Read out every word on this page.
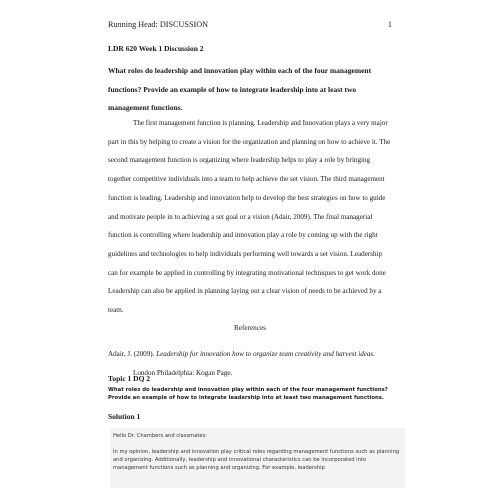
Running Head: DISCUSSION	1
LDR 620 Week 1 Discussion 2
What roles do leadership and innovation play within each of the four management functions? Provide an example of how to integrate leadership into at least two management functions.
The first management function is planning. Leadership and Innovation plays a very major part in this by helping to create a vision for the organization and planning on how to achieve it. The second management function is organizing where leadership helps to play a role by bringing together competitive individuals into a team to help achieve the set vision. The third management function is leading. Leadership and innovation help to develop the best strategies on how to guide and motivate people in to achieving a set goal or a vision (Adair, 2009). The final managerial function is controlling where leadership and innovation play a role by coming up with the right guidelines and technologies to help individuals performing well towards a set vision. Leadership can for example be applied in controlling by integrating motivational techniques to get work done Leadership can also be applied in planning laying out a clear vision of needs to be achieved by a team.
References
Adair, J. (2009). Leadership for innovation how to organize team creativity and harvest ideas.
London Philadelphia: Kogan Page.
Topic 1 DQ 2
What roles do leadership and innovation play within each of the four management functions? Provide an example of how to integrate leadership into at least two management functions.
Solution 1
Hello Dr. Chambers and classmates:
In my opinion, leadership and innovation play critical roles regarding management functions such as planning and organizing. Additionally, leadership and innovational characteristics can be incorporated into management functions such as planning and organizing. For example, leadership
